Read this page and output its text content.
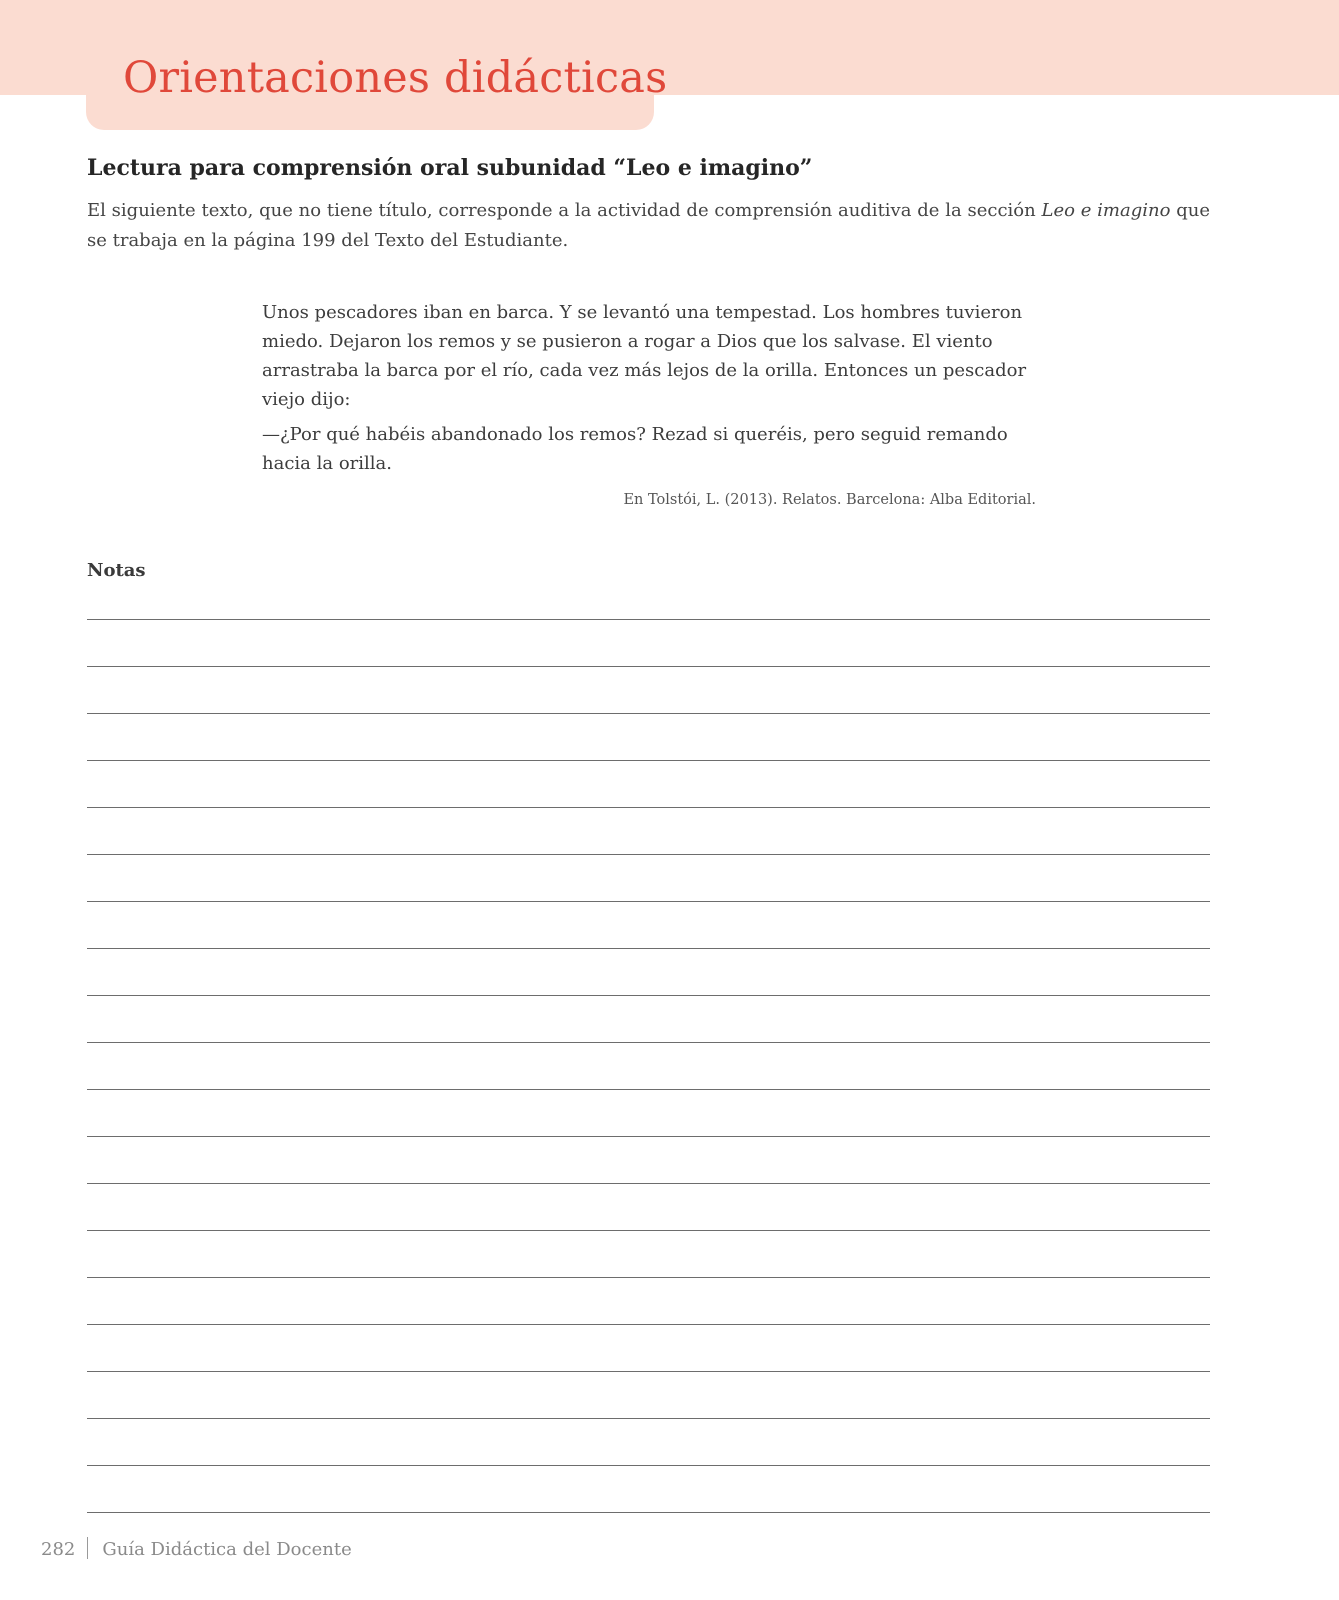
Orientaciones didácticas
Lectura para comprensión oral subunidad “Leo e imagino”

El siguiente texto, que no tiene título, corresponde a la actividad de comprensión auditiva de la sección Leo e imagino que se trabaja en la página 199 del Texto del Estudiante.

Unos pescadores iban en barca. Y se levantó una tempestad. Los hombres tuvieron miedo. Dejaron los remos y se pusieron a rogar a Dios que los salvase. El viento arrastraba la barca por el río, cada vez más lejos de la orilla. Entonces un pescador viejo dijo:

—¿Por qué habéis abandonado los remos? Rezad si queréis, pero seguid remando hacia la orilla.

En Tolstói, L. (2013). Relatos. Barcelona: Alba Editorial.
Notas
282 Guía Didáctica del Docente
